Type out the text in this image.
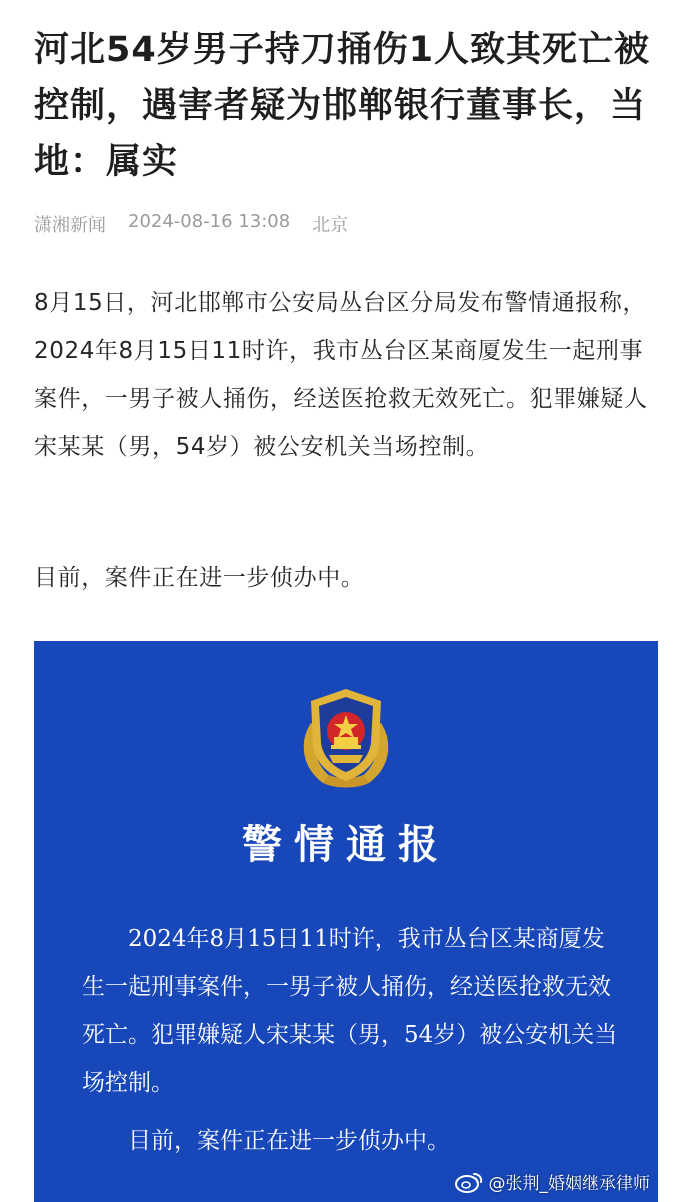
河北54岁男子持刀捅伤1人致其死亡被控制，遇害者疑为邯郸银行董事长，当地：属实
潇湘新闻 2024-08-16 13:08 北京

8月15日，河北邯郸市公安局丛台区分局发布警情通报称，2024年8月15日11时许，我市丛台区某商厦发生一起刑事案件，一男子被人捅伤，经送医抢救无效死亡。犯罪嫌疑人宋某某（男，54岁）被公安机关当场控制。

目前，案件正在进一步侦办中。

警情通报

2024年8月15日11时许，我市丛台区某商厦发生一起刑事案件，一男子被人捅伤，经送医抢救无效死亡。犯罪嫌疑人宋某某（男，54岁）被公安机关当场控制。

目前，案件正在进一步侦办中。

@张荆_婚姻继承律师
